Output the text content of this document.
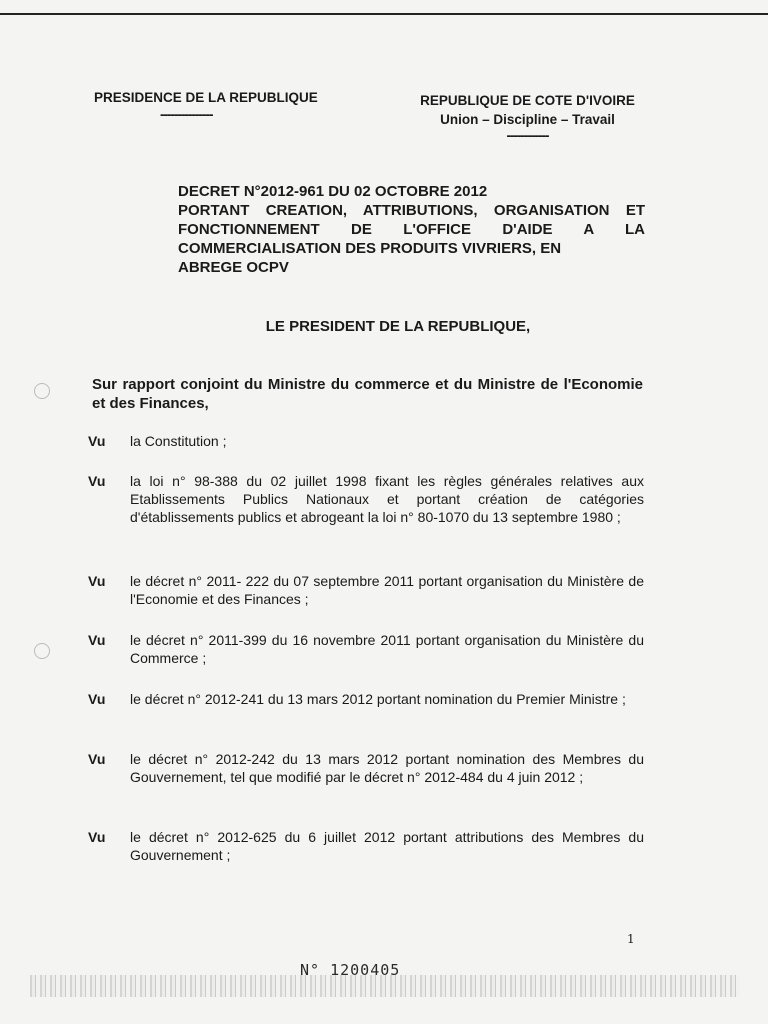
PRESIDENCE DE LA REPUBLIQUE
---------------
REPUBLIQUE DE COTE D'IVOIRE
Union – Discipline – Travail
------------
DECRET N°2012-961 DU 02 OCTOBRE 2012
PORTANT CREATION, ATTRIBUTIONS, ORGANISATION ET FONCTIONNEMENT DE L'OFFICE D'AIDE A LA COMMERCIALISATION DES PRODUITS VIVRIERS, EN
ABREGE OCPV
LE PRESIDENT DE LA REPUBLIQUE,
Sur rapport conjoint du Ministre du commerce et du Ministre de l'Economie et des Finances,
Vu la Constitution ;
Vu la loi n° 98-388 du 02 juillet 1998 fixant les règles générales relatives aux Etablissements Publics Nationaux et portant création de catégories d'établissements publics et abrogeant la loi n° 80-1070 du 13 septembre 1980 ;
Vu le décret n° 2011- 222 du 07 septembre 2011 portant organisation du Ministère de l'Economie et des Finances ;
Vu le décret n° 2011-399 du 16 novembre 2011 portant organisation du Ministère du Commerce ;
Vu le décret n° 2012-241 du 13 mars 2012 portant nomination du Premier Ministre ;
Vu le décret n° 2012-242 du 13 mars 2012 portant nomination des Membres du Gouvernement, tel que modifié par le décret n° 2012-484 du 4 juin 2012 ;
Vu le décret n° 2012-625 du 6 juillet 2012 portant attributions des Membres du Gouvernement ;
1
N° 1200405
